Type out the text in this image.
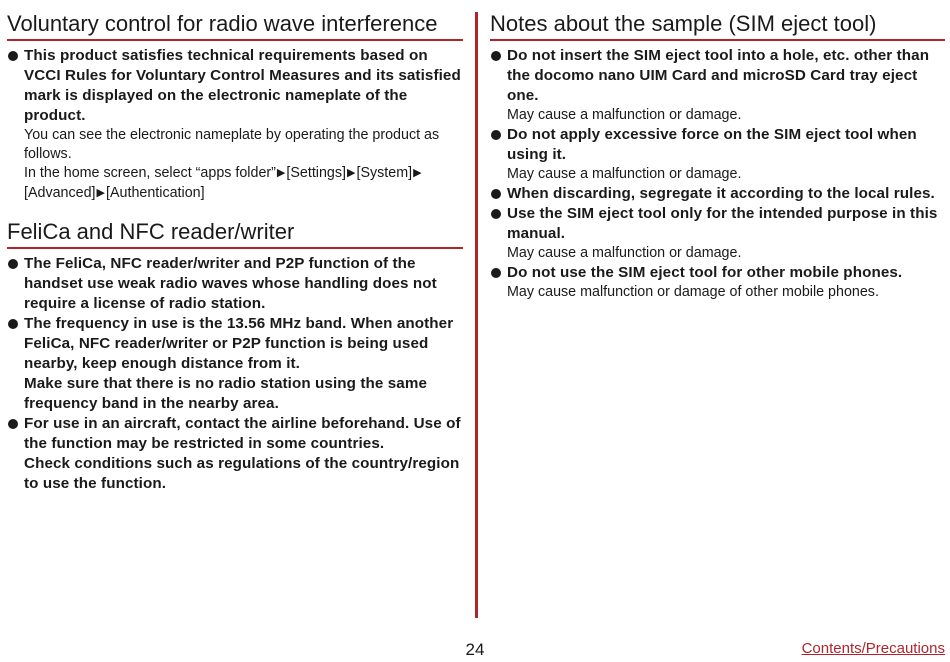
Voluntary control for radio wave interference
This product satisfies technical requirements based on VCCI Rules for Voluntary Control Measures and its satisfied mark is displayed on the electronic nameplate of the product.
You can see the electronic nameplate by operating the product as follows.
In the home screen, select “apps folder”▶[Settings]▶[System]▶
[Advanced]▶[Authentication]
FeliCa and NFC reader/writer
The FeliCa, NFC reader/writer and P2P function of the handset use weak radio waves whose handling does not require a license of radio station.
The frequency in use is the 13.56 MHz band. When another FeliCa, NFC reader/writer or P2P function is being used nearby, keep enough distance from it.
Make sure that there is no radio station using the same frequency band in the nearby area.
For use in an aircraft, contact the airline beforehand. Use of the function may be restricted in some countries.
Check conditions such as regulations of the country/region to use the function.
Notes about the sample (SIM eject tool)
Do not insert the SIM eject tool into a hole, etc. other than the docomo nano UIM Card and microSD Card tray eject one.
May cause a malfunction or damage.
Do not apply excessive force on the SIM eject tool when using it.
May cause a malfunction or damage.
When discarding, segregate it according to the local rules.
Use the SIM eject tool only for the intended purpose in this manual.
May cause a malfunction or damage.
Do not use the SIM eject tool for other mobile phones.
May cause malfunction or damage of other mobile phones.
24	Contents/Precautions
